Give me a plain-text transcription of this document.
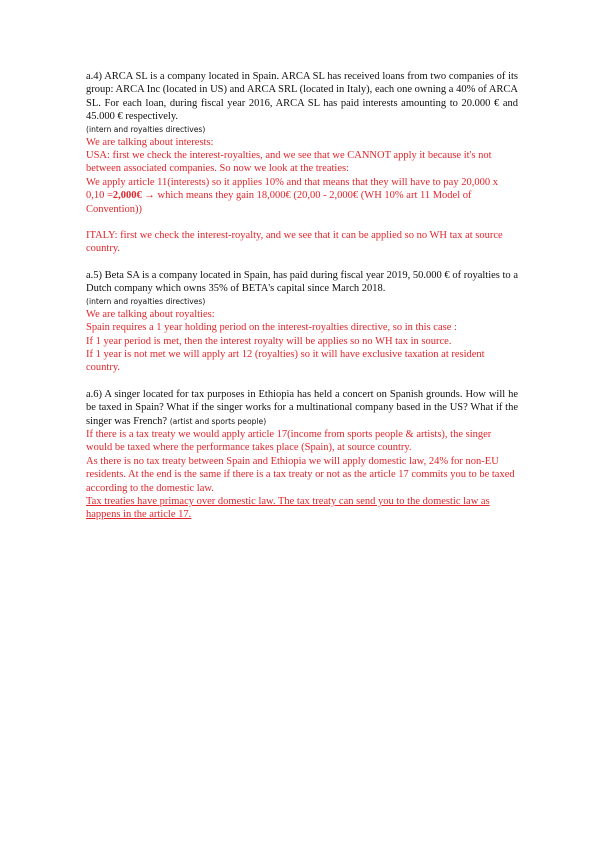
a.4) ARCA SL is a company located in Spain. ARCA SL has received loans from two companies of its group: ARCA Inc (located in US) and ARCA SRL (located in Italy), each one owning a 40% of ARCA SL. For each loan, during fiscal year 2016, ARCA SL has paid interests amounting to 20.000 € and 45.000 € respectively.

(intern and royalties directives)

We are talking about interests:

USA: first we check the interest-royalties, and we see that we CANNOT apply it because it's not between associated companies. So now we look at the treaties:

We apply article 11(interests) so it applies 10% and that means that they will have to pay 20,000 x 0,10 =2,000€ → which means they gain 18,000€ (20,00 - 2,000€ (WH 10% art 11 Model of Convention))

ITALY: first we check the interest-royalty, and we see that it can be applied so no WH tax at source country.

a.5) Beta SA is a company located in Spain, has paid during fiscal year 2019, 50.000 € of royalties to a Dutch company which owns 35% of BETA's capital since March 2018.

(intern and royalties directives)

We are talking about royalties:

Spain requires a 1 year holding period on the interest-royalties directive, so in this case :

If 1 year period is met, then the interest royalty will be applies so no WH tax in source.

If 1 year is not met we will apply art 12 (royalties) so it will have exclusive taxation at resident country.

a.6) A singer located for tax purposes in Ethiopia has held a concert on Spanish grounds. How will he be taxed in Spain? What if the singer works for a multinational company based in the US? What if the singer was French? (artist and sports people)

If there is a tax treaty we would apply article 17(income from sports people & artists), the singer would be taxed where the performance takes place (Spain), at source country.

As there is no tax treaty between Spain and Ethiopia we will apply domestic law, 24% for non-EU residents. At the end is the same if there is a tax treaty or not as the article 17 commits you to be taxed according to the domestic law.

Tax treaties have primacy over domestic law. The tax treaty can send you to the domestic law as happens in the article 17.
